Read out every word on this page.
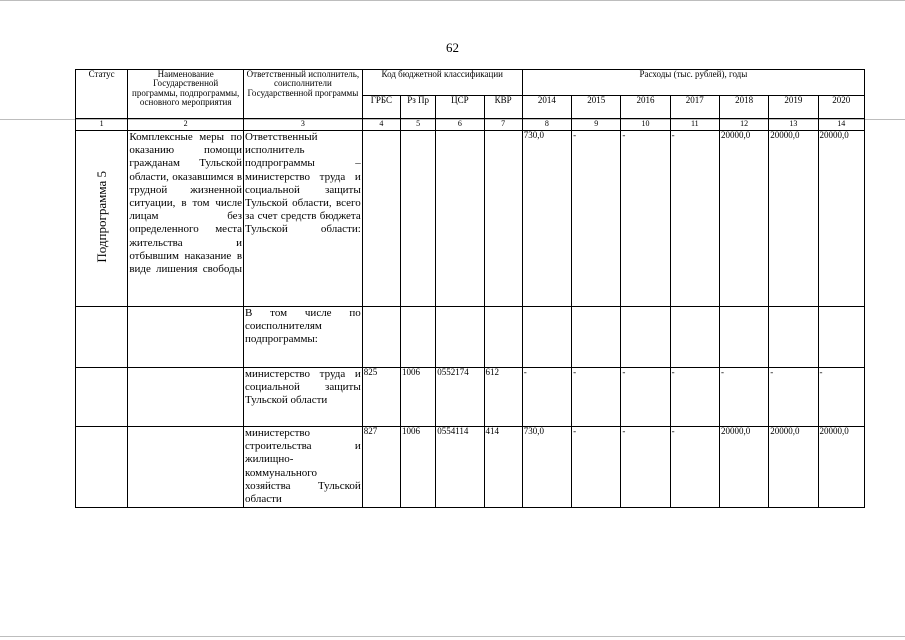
62
Статус	Наименование Государственной программы, подпрограммы, основного мероприятия	Ответственный исполнитель, соисполнители Государственной программы	Код бюджетной классификации				Расходы (тыс. рублей), годы						
			ГРБС	Рз Пр	ЦСР	КВР	2014	2015	2016	2017	2018	2019	2020
1	2	3	4	5	6	7	8	9	10	11	12	13	14
Подпрограмма 5	Комплексные меры по оказанию помощи гражданам Тульской области, оказавшимся в трудной жизненной ситуации, в том числе лицам без определенного места жительства и отбывшим наказание в виде лишения свободы	Ответственный исполнитель подпрограммы – министерство труда и социальной защиты Тульской области, всего за счет средств бюджета Тульской области:					730,0	-	-	-	20000,0	20000,0	20000,0
		В том числе по соисполнителям подпрограммы:											
		министерство труда и социальной защиты Тульской области	825	1006	0552174	612	-	-	-	-	-	-	-
		министерство строительства и жилищно-коммунального хозяйства Тульской области	827	1006	0554114	414	730,0	-	-	-	20000,0	20000,0	20000,0
